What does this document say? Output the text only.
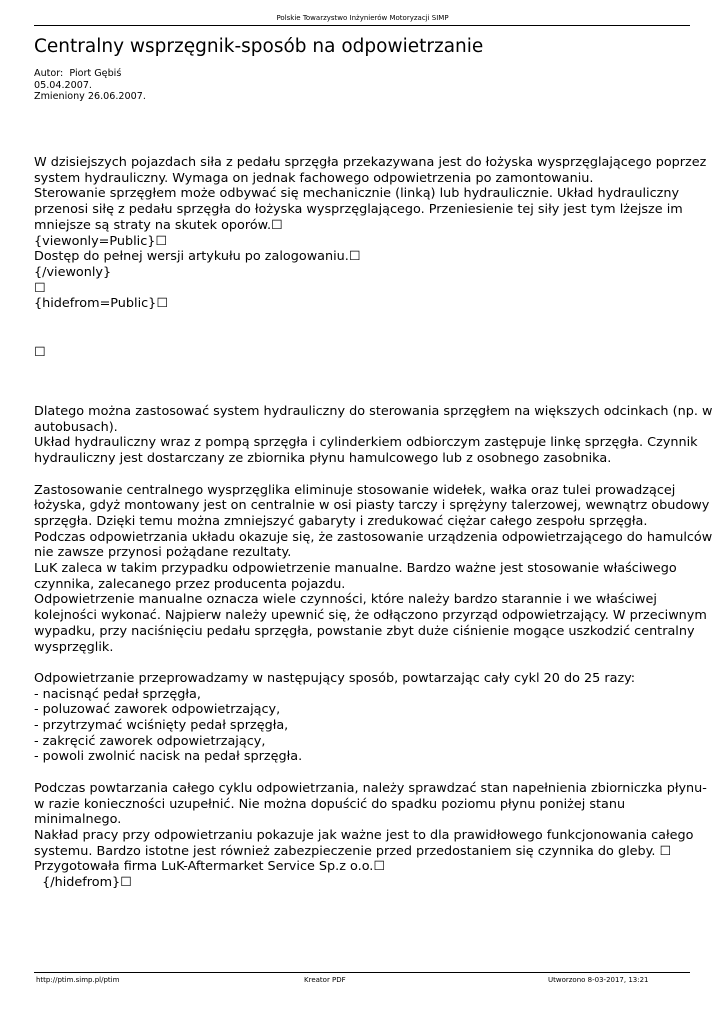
Polskie Towarzystwo Inżynierów Motoryzacji SIMP
Centralny wsprzęgnik-sposób na odpowietrzanie
Autor:  Piort Gębiś
05.04.2007.
Zmieniony 26.06.2007.
W dzisiejszych pojazdach siła z pedału sprzęgła przekazywana jest do łożyska wysprzęglającego poprzez
system hydrauliczny. Wymaga on jednak fachowego odpowietrzenia po zamontowaniu.
Sterowanie sprzęgłem może odbywać się mechanicznie (linką) lub hydraulicznie. Układ hydrauliczny
przenosi siłę z pedału sprzęgła do łożyska wysprzęglającego. Przeniesienie tej siły jest tym lżejsze im
mniejsze są straty na skutek oporów.☐
{viewonly=Public}☐
Dostęp do pełnej wersji artykułu po zalogowaniu.☐
{/viewonly}
☐
{hidefrom=Public}☐
☐
Dlatego można zastosować system hydrauliczny do sterowania sprzęgłem na większych odcinkach (np. w
autobusach).
Układ hydrauliczny wraz z pompą sprzęgła i cylinderkiem odbiorczym zastępuje linkę sprzęgła. Czynnik
hydrauliczny jest dostarczany ze zbiornika płynu hamulcowego lub z osobnego zasobnika.

Zastosowanie centralnego wysprzęglika eliminuje stosowanie widełek, wałka oraz tulei prowadzącej
łożyska, gdyż montowany jest on centralnie w osi piasty tarczy i sprężyny talerzowej, wewnątrz obudowy
sprzęgła. Dzięki temu można zmniejszyć gabaryty i zredukować ciężar całego zespołu sprzęgła.
Podczas odpowietrzania układu okazuje się, że zastosowanie urządzenia odpowietrzającego do hamulców
nie zawsze przynosi pożądane rezultaty.
LuK zaleca w takim przypadku odpowietrzenie manualne. Bardzo ważne jest stosowanie właściwego
czynnika, zalecanego przez producenta pojazdu.
Odpowietrzenie manualne oznacza wiele czynności, które należy bardzo starannie i we właściwej
kolejności wykonać. Najpierw należy upewnić się, że odłączono przyrząd odpowietrzający. W przeciwnym
wypadku, przy naciśnięciu pedału sprzęgła, powstanie zbyt duże ciśnienie mogące uszkodzić centralny
wysprzęglik.

Odpowietrzanie przeprowadzamy w następujący sposób, powtarzając cały cykl 20 do 25 razy:
- nacisnąć pedał sprzęgła,
- poluzować zaworek odpowietrzający,
- przytrzymać wciśnięty pedał sprzęgła,
- zakręcić zaworek odpowietrzający,
- powoli zwolnić nacisk na pedał sprzęgła.

Podczas powtarzania całego cyklu odpowietrzania, należy sprawdzać stan napełnienia zbiorniczka płynu-
w razie konieczności uzupełnić. Nie można dopuścić do spadku poziomu płynu poniżej stanu
minimalnego.
Nakład pracy przy odpowietrzaniu pokazuje jak ważne jest to dla prawidłowego funkcjonowania całego
systemu. Bardzo istotne jest również zabezpieczenie przed przedostaniem się czynnika do gleby. ☐
Przygotowała firma LuK-Aftermarket Service Sp.z o.o.☐
{/hidefrom}☐
http://ptim.simp.pl/ptim	Kreator PDF	Utworzono 8-03-2017, 13:21
